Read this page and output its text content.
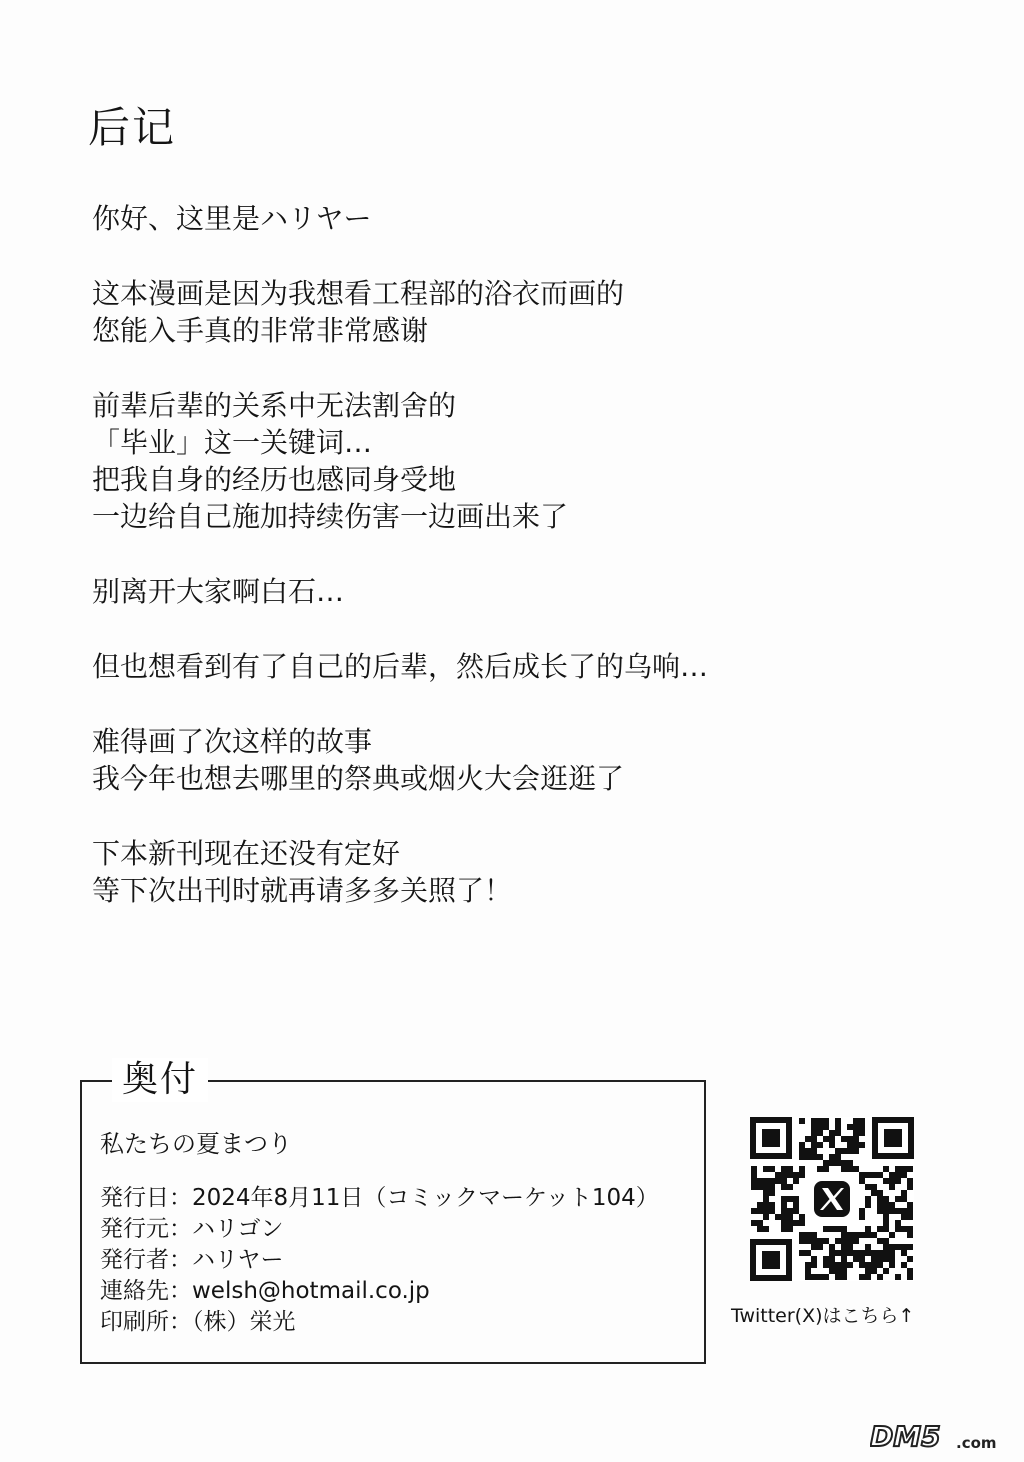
后记
你好、这里是ハリヤー
这本漫画是因为我想看工程部的浴衣而画的
您能入手真的非常非常感谢
前辈后辈的关系中无法割舍的
「毕业」这一关键词…
把我自身的经历也感同身受地
一边给自己施加持续伤害一边画出来了
别离开大家啊白石…
但也想看到有了自己的后辈，然后成长了的乌响…
难得画了次这样的故事
我今年也想去哪里的祭典或烟火大会逛逛了
下本新刊现在还没有定好
等下次出刊时就再请多多关照了！
奥付
私たちの夏まつり
発行日：2024年8月11日（コミックマーケット104）
発行元：ハリゴン
発行者：ハリヤー
連絡先：welsh@hotmail.co.jp
印刷所：（株）栄光	Twitter(X)はこちら↑
DM5 .com
